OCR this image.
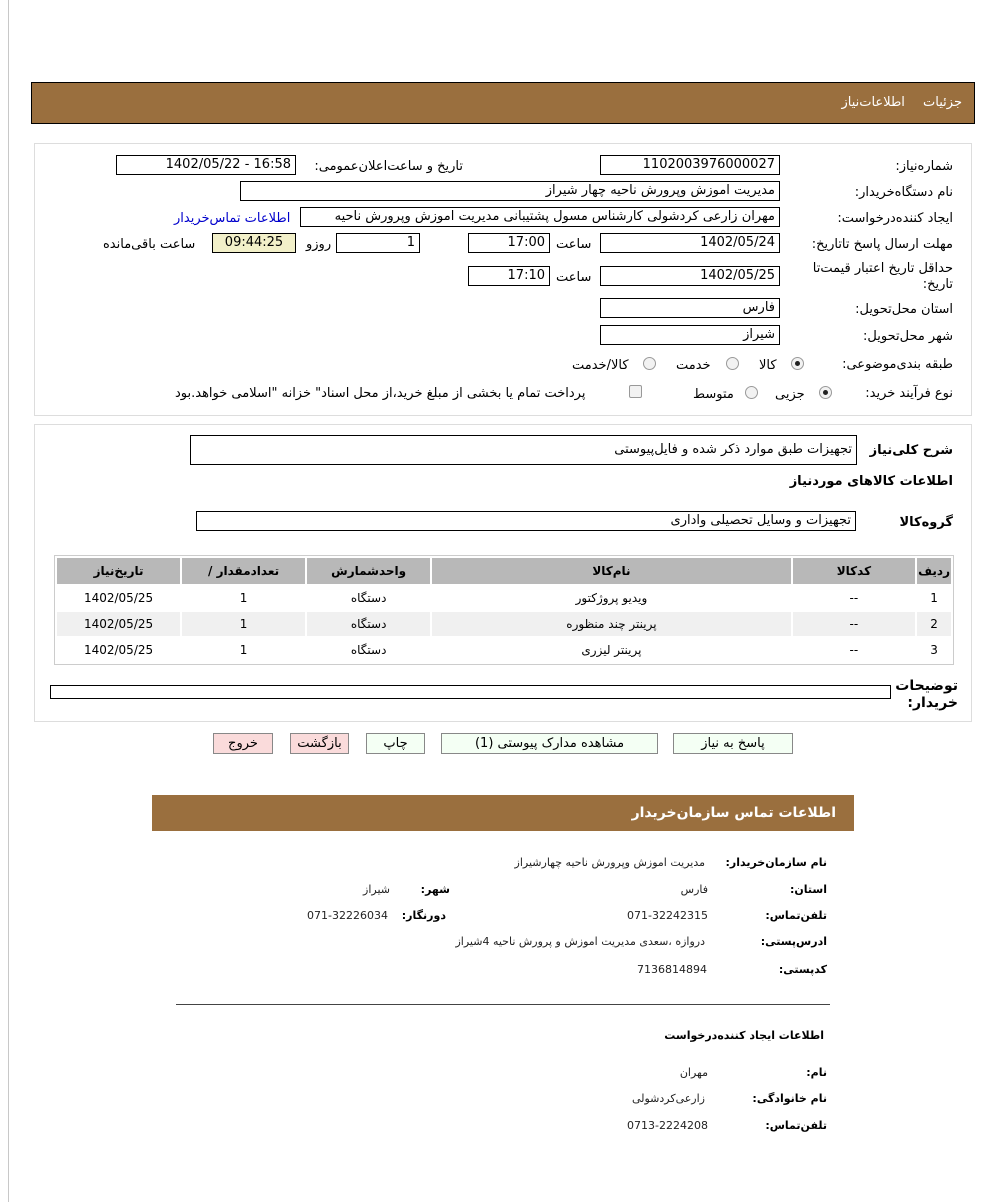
جزئیات اطلاعات‌نیاز
شماره‌نیاز:
1102003976000027
تاریخ و ساعت‌اعلان‌عمومی:
1402/05/22 - 16:58
نام دستگاه‌خریدار:
مدیریت اموزش وپرورش ناحیه چهار شیراز
ایجاد کننده‌درخواست:
مهران زارعی کردشولی کارشناس مسول پشتیبانی مدیریت اموزش وپرورش ناحیه
اطلاعات تماس‌خریدار
مهلت ارسال پاسخ تا‌تاریخ:
1402/05/24
ساعت
17:00
1
روزو
09:44:25
ساعت باقی‌مانده
حداقل تاریخ اعتبار قیمت‌تا
تاریخ:
1402/05/25
ساعت
17:10
استان محل‌تحویل:
فارس
شهر محل‌تحویل:
شیراز
طبقه بندی‌موضوعی:
کالا
خدمت
کالا/خدمت
نوع فرآیند خرید:
جزیی
متوسط
پرداخت تمام یا بخشی از مبلغ خرید،از محل اسناد" خزانه "اسلامی خواهد.بود
شرح کلی‌نیاز
تجهیزات طبق موارد ذکر شده و فایل‌پیوستی
اطلاعات کالاهای موردنیاز
گروه‌کالا
تجهیزات و وسایل تحصیلی واداری
ردیف	کدکالا	نام‌کالا	واحدشمارش	تعداد‌مقدار /	تاریخ‌نیاز
1	--	ویدیو پروژکتور	دستگاه	1	1402/05/25
2	--	پرینتر چند منظوره	دستگاه	1	1402/05/25
3	--	پرینتر لیزری	دستگاه	1	1402/05/25
توضیحات
خریدار:
پاسخ به نیاز
مشاهده مدارک پیوستی (1)
چاپ
بازگشت
خروج
اطلاعات تماس سازمان‌خریدار
نام سازمان‌خریدار:
مدیریت اموزش وپرورش ناحیه چهارشیراز
استان:
فارس
شهر:
شیراز
تلفن‌تماس:
071-32242315
دورنگار:
071-32226034
ادرس‌پستی:
دروازه ،سعدی مدیریت اموزش و پرورش ناحیه 4شیراز
کد‌پستی:
7136814894
اطلاعات ایجاد کننده‌درخواست
نام:
مهران
نام خانوادگی:
زارعی‌کردشولی
تلفن‌تماس:
0713-2224208
